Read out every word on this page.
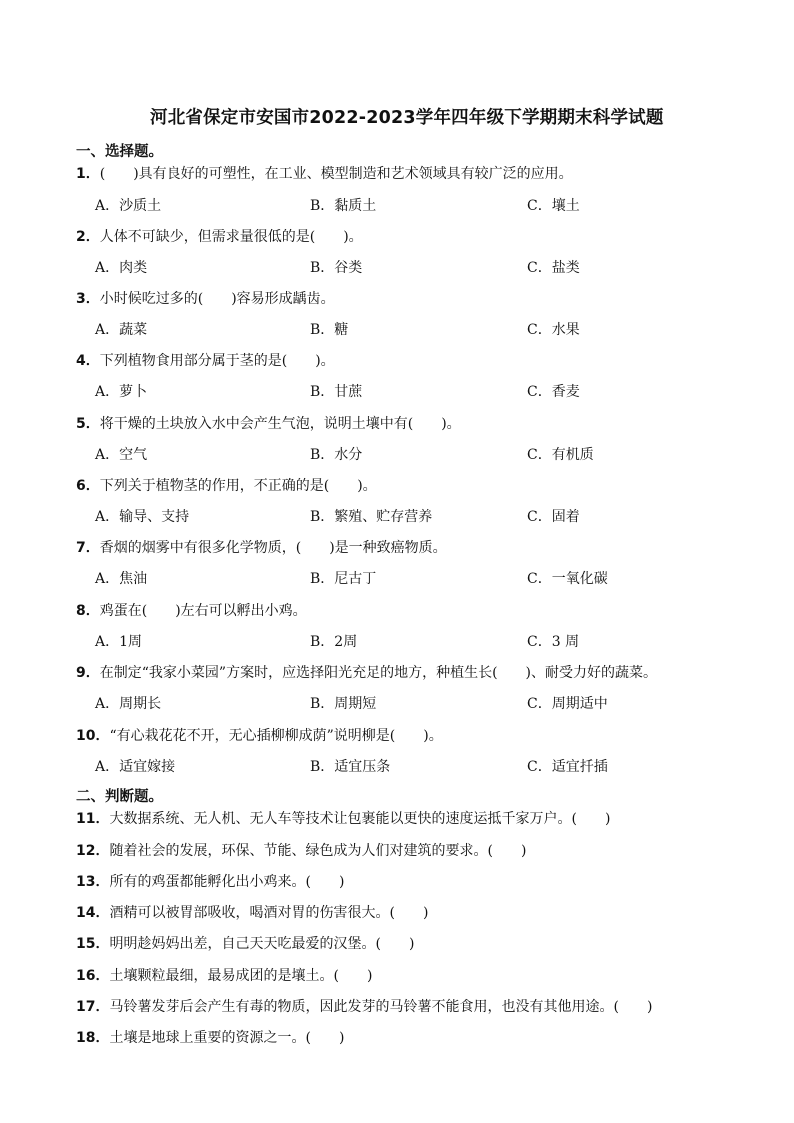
河北省保定市安国市2022-2023学年四年级下学期期末科学试题
一、选择题。
1．(　　)具有良好的可塑性，在工业、模型制造和艺术领域具有较广泛的应用。
A．沙质土	B．黏质土	C．壤土
2．人体不可缺少，但需求量很低的是(　　)。
A．肉类	B．谷类	C．盐类
3．小时候吃过多的(　　)容易形成龋齿。
A．蔬菜	B．糖	C．水果
4．下列植物食用部分属于茎的是(　　)。
A．萝卜	B．甘蔗	C．香麦
5．将干燥的土块放入水中会产生气泡，说明土壤中有(　　)。
A．空气	B．水分	C．有机质
6．下列关于植物茎的作用，不正确的是(　　)。
A．输导、支持	B．繁殖、贮存营养	C．固着
7．香烟的烟雾中有很多化学物质，(　　)是一种致癌物质。
A．焦油	B．尼古丁	C．一氧化碳
8．鸡蛋在(　　)左右可以孵出小鸡。
A．1周	B．2周	C．3 周
9．在制定“我家小菜园”方案时，应选择阳光充足的地方，种植生长(　　)、耐受力好的蔬菜。
A．周期长	B．周期短	C．周期适中
10．“有心栽花花不开，无心插柳柳成荫”说明柳是(　　)。
A．适宜嫁接	B．适宜压条	C．适宜扦插
二、判断题。
11．大数据系统、无人机、无人车等技术让包裹能以更快的速度运抵千家万户。(　　)
12．随着社会的发展，环保、节能、绿色成为人们对建筑的要求。(　　)
13．所有的鸡蛋都能孵化出小鸡来。(　　)
14．酒精可以被胃部吸收，喝酒对胃的伤害很大。(　　)
15．明明趁妈妈出差，自己天天吃最爱的汉堡。(　　)
16．土壤颗粒最细，最易成团的是壤土。(　　)
17．马铃薯发芽后会产生有毒的物质，因此发芽的马铃薯不能食用，也没有其他用途。(　　)
18．土壤是地球上重要的资源之一。(　　)
